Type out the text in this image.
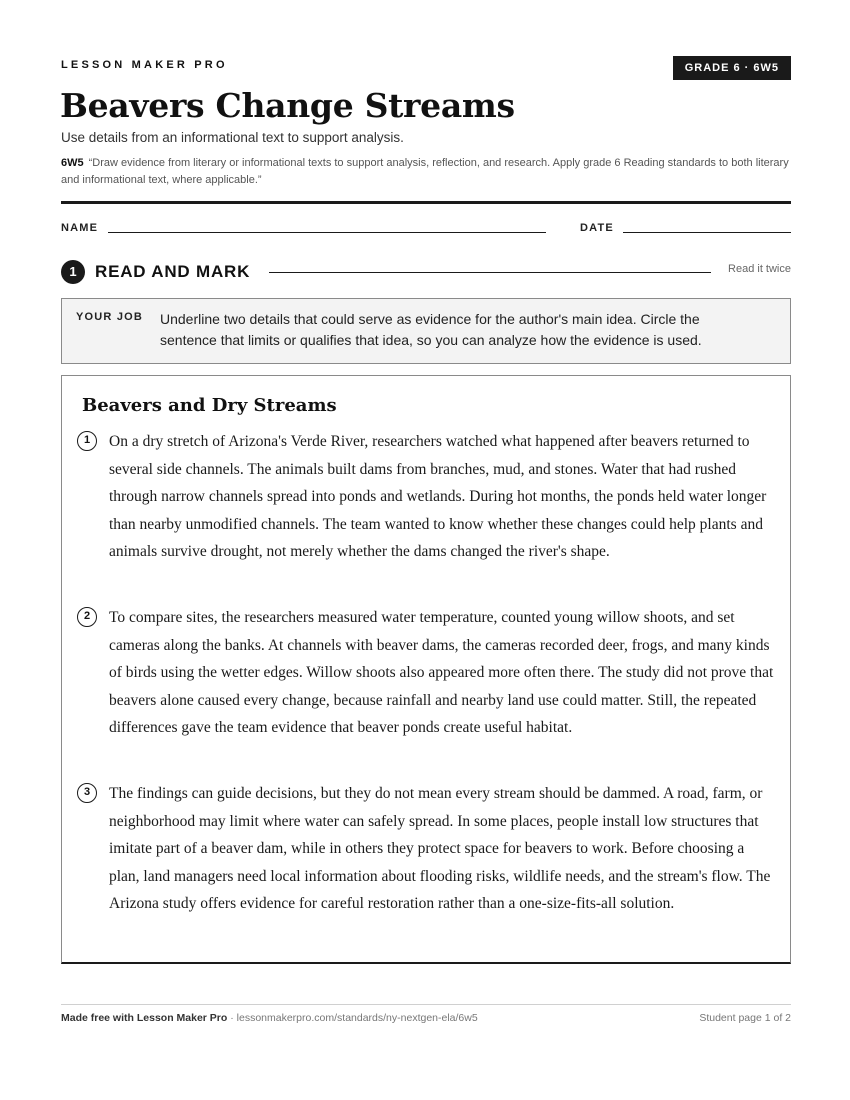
LESSON MAKER PRO	GRADE 6 · 6W5
Beavers Change Streams
Use details from an informational text to support analysis.
6W5 “Draw evidence from literary or informational texts to support analysis, reflection, and research. Apply grade 6 Reading standards to both literary and informational text, where applicable.”
NAME	DATE
1	READ AND MARK	Read it twice
YOUR JOB Underline two details that could serve as evidence for the author's main idea. Circle the sentence that limits or qualifies that idea, so you can analyze how the evidence is used.
Beavers and Dry Streams
1	On a dry stretch of Arizona's Verde River, researchers watched what happened after beavers returned to several side channels. The animals built dams from branches, mud, and stones. Water that had rushed through narrow channels spread into ponds and wetlands. During hot months, the ponds held water longer than nearby unmodified channels. The team wanted to know whether these changes could help plants and animals survive drought, not merely whether the dams changed the river's shape.
2	To compare sites, the researchers measured water temperature, counted young willow shoots, and set cameras along the banks. At channels with beaver dams, the cameras recorded deer, frogs, and many kinds of birds using the wetter edges. Willow shoots also appeared more often there. The study did not prove that beavers alone caused every change, because rainfall and nearby land use could matter. Still, the repeated differences gave the team evidence that beaver ponds create useful habitat.
3	The findings can guide decisions, but they do not mean every stream should be dammed. A road, farm, or neighborhood may limit where water can safely spread. In some places, people install low structures that imitate part of a beaver dam, while in others they protect space for beavers to work. Before choosing a plan, land managers need local information about flooding risks, wildlife needs, and the stream's flow. The Arizona study offers evidence for careful restoration rather than a one-size-fits-all solution.
Made free with Lesson Maker Pro · lessonmakerpro.com/standards/ny-nextgen-ela/6w5	Student page 1 of 2
